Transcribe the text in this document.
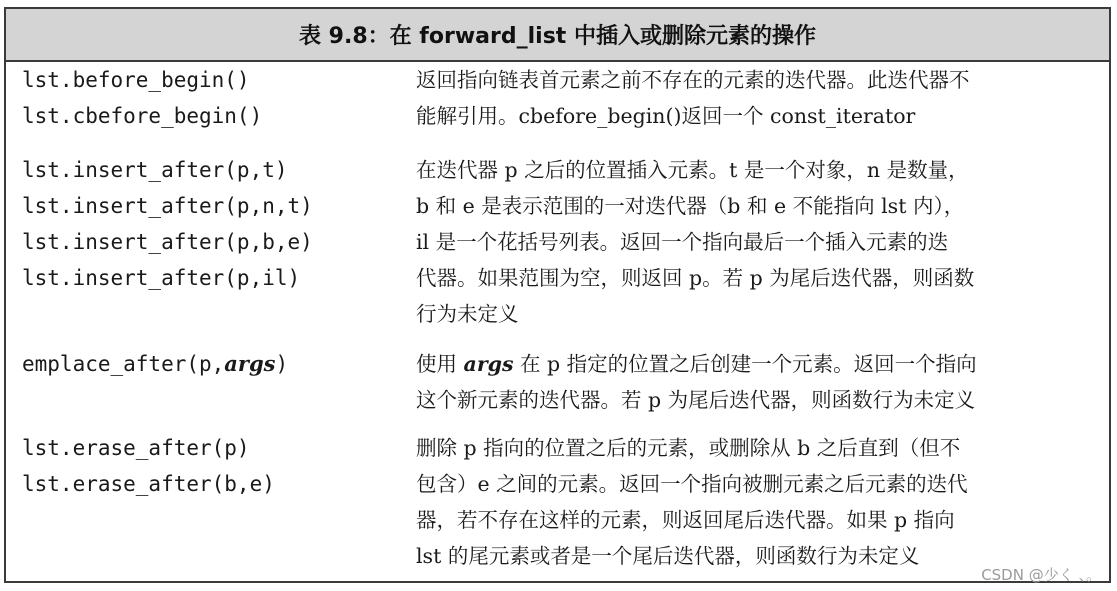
表 9.8：在 forward_list 中插入或删除元素的操作
lst.before_begin()
lst.cbefore_begin()
返回指向链表首元素之前不存在的元素的迭代器。此迭代器不
能解引用。cbefore_begin()返回一个 const_iterator
lst.insert_after(p,t)
lst.insert_after(p,n,t)
lst.insert_after(p,b,e)
lst.insert_after(p,il)
在迭代器 p 之后的位置插入元素。t 是一个对象，n 是数量，
b 和 e 是表示范围的一对迭代器（b 和 e 不能指向 lst 内），
il 是一个花括号列表。返回一个指向最后一个插入元素的迭
代器。如果范围为空，则返回 p。若 p 为尾后迭代器，则函数
行为未定义
emplace_after(p,args)	使用 args 在 p 指定的位置之后创建一个元素。返回一个指向
这个新元素的迭代器。若 p 为尾后迭代器，则函数行为未定义
lst.erase_after(p)
lst.erase_after(b,e)
删除 p 指向的位置之后的元素，或删除从 b 之后直到（但不
包含）e 之间的元素。返回一个指向被删元素之后元素的迭代
器，若不存在这样的元素，则返回尾后迭代器。如果 p 指向
lst 的尾元素或者是一个尾后迭代器，则函数行为未定义
CSDN @少く 、。
